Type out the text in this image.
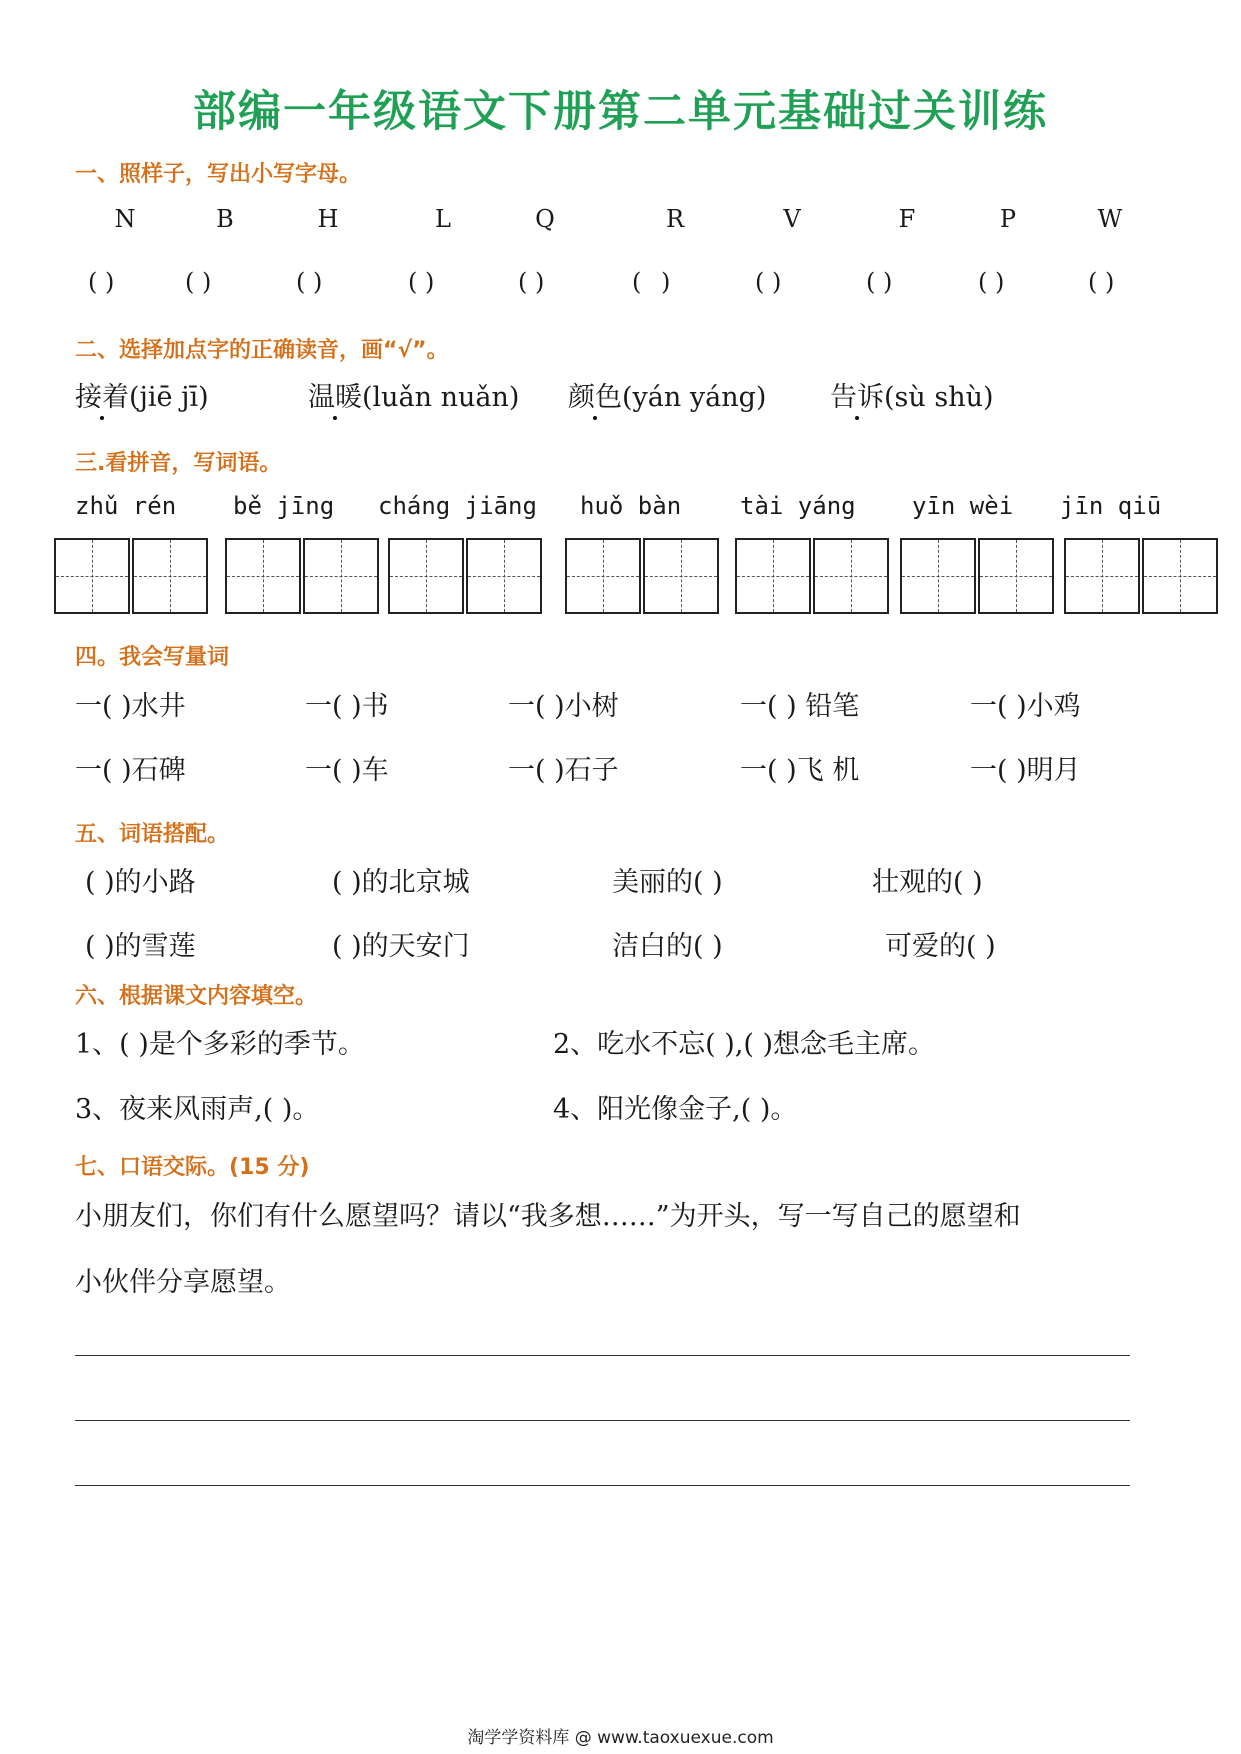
部编一年级语文下册第二单元基础过关训练
一、照样子，写出小写字母。
N	B	H	L	Q	R	V	F	P	W
( )	( )	( )	( )	( )	( )	( )	( )	( )	( )
二、选择加点字的正确读音，画“√”。
接着(jiē jī)	温暖(luǎn nuǎn) 颜色(yán yáng) 告诉(sù shù)
三.看拼音，写词语。
zhǔ rén bě jīng cháng jiāng huǒ bàn tài yáng yīn wèi jīn qiū
四。我会写量词
一( )水井	一( )书	一( )小树	一( ) 铅笔	一( )小鸡
一( )石碑	一( )车	一( )石子	一( )飞 机	一( )明月
五、词语搭配。
( )的小路	( )的北京城	美丽的( )	壮观的( )
( )的雪莲	( )的天安门	洁白的( )	可爱的( )
六、根据课文内容填空。
1、( )是个多彩的季节。	2、吃水不忘( ),( )想念毛主席。
3、夜来风雨声,( )。	4、阳光像金子,( )。
七、口语交际。(15 分)
小朋友们，你们有什么愿望吗？请以“我多想……”为开头，写一写自己的愿望和
小伙伴分享愿望。
淘学学资料库 @ www.taoxuexue.com
